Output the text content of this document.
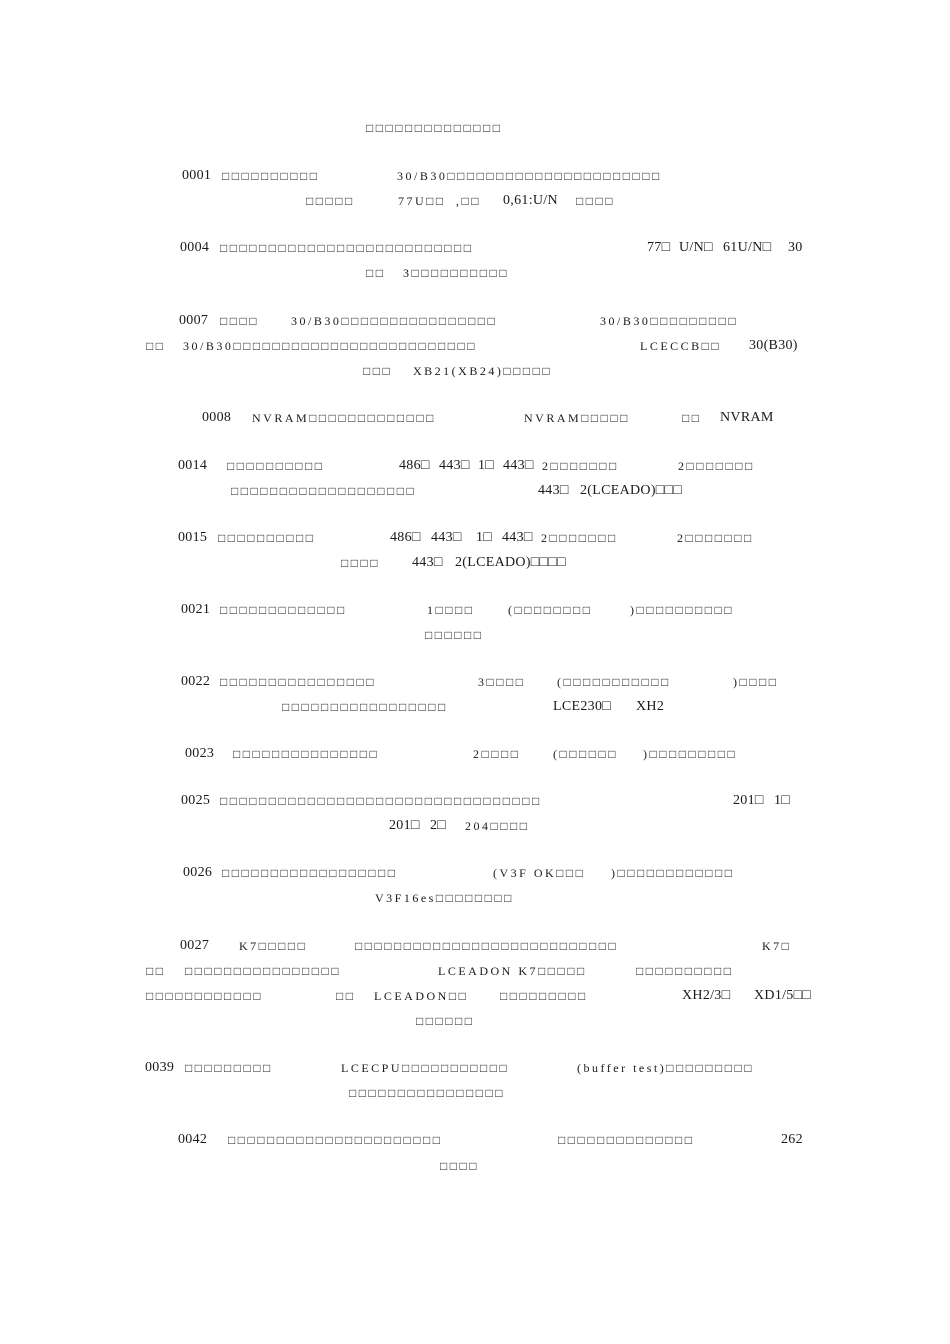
□□□□□□□□□□□□□□
0001 □□□□□□□□□□	30/B30□□□□□□□□□□□□□□□□□□□□□□
□□□□□	77U□□ ,□□ 0,61:U/N □□□□
0004 □□□□□□□□□□□□□□□□□□□□□□□□□□	77□ U/N□ 61U/N□ 30
□□ 3□□□□□□□□□□
0007 □□□□	30/B30□□□□□□□□□□□□□□□□	30/B30□□□□□□□□□
□□ 30/B30□□□□□□□□□□□□□□□□□□□□□□□□□	LCECCB□□ 30(B30)
□□□ XB21(XB24)□□□□□
0008 NVRAM□□□□□□□□□□□□□	NVRAM□□□□□	□□ NVRAM
0014 □□□□□□□□□□	486□ 443□ 1□ 443□ 2□□□□□□□	2□□□□□□□
□□□□□□□□□□□□□□□□□□□	443□ 2(LCEADO)□□□
0015 □□□□□□□□□□	486□ 443□ 1□ 443□ 2□□□□□□□	2□□□□□□□
□□□□ 443□ 2(LCEADO)□□□□
0021 □□□□□□□□□□□□□	1□□□□	(□□□□□□□□	)□□□□□□□□□□
□□□□□□
0022 □□□□□□□□□□□□□□□□	3□□□□	(□□□□□□□□□□□	)□□□□
□□□□□□□□□□□□□□□□□	LCE230□ XH2
0023 □□□□□□□□□□□□□□□	2□□□□	(□□□□□□ )□□□□□□□□□
0025 □□□□□□□□□□□□□□□□□□□□□□□□□□□□□□□□□	201□ 1□
201□ 2□ 204□□□□
0026 □□□□□□□□□□□□□□□□□□	(V3F OK□□□ )□□□□□□□□□□□□
V3F16es□□□□□□□□
0027 K7□□□□□	□□□□□□□□□□□□□□□□□□□□□□□□□□□	K7□
□□ □□□□□□□□□□□□□□□□	LCEADON K7□□□□□	□□□□□□□□□□
□□□□□□□□□□□□	□□ LCEADON□□	□□□□□□□□□	XH2/3□ XD1/5□□
□□□□□□
0039 □□□□□□□□□	LCECPU□□□□□□□□□□□	(buffer test)□□□□□□□□□
□□□□□□□□□□□□□□□□
0042 □□□□□□□□□□□□□□□□□□□□□□	□□□□□□□□□□□□□□	262
□□□□
